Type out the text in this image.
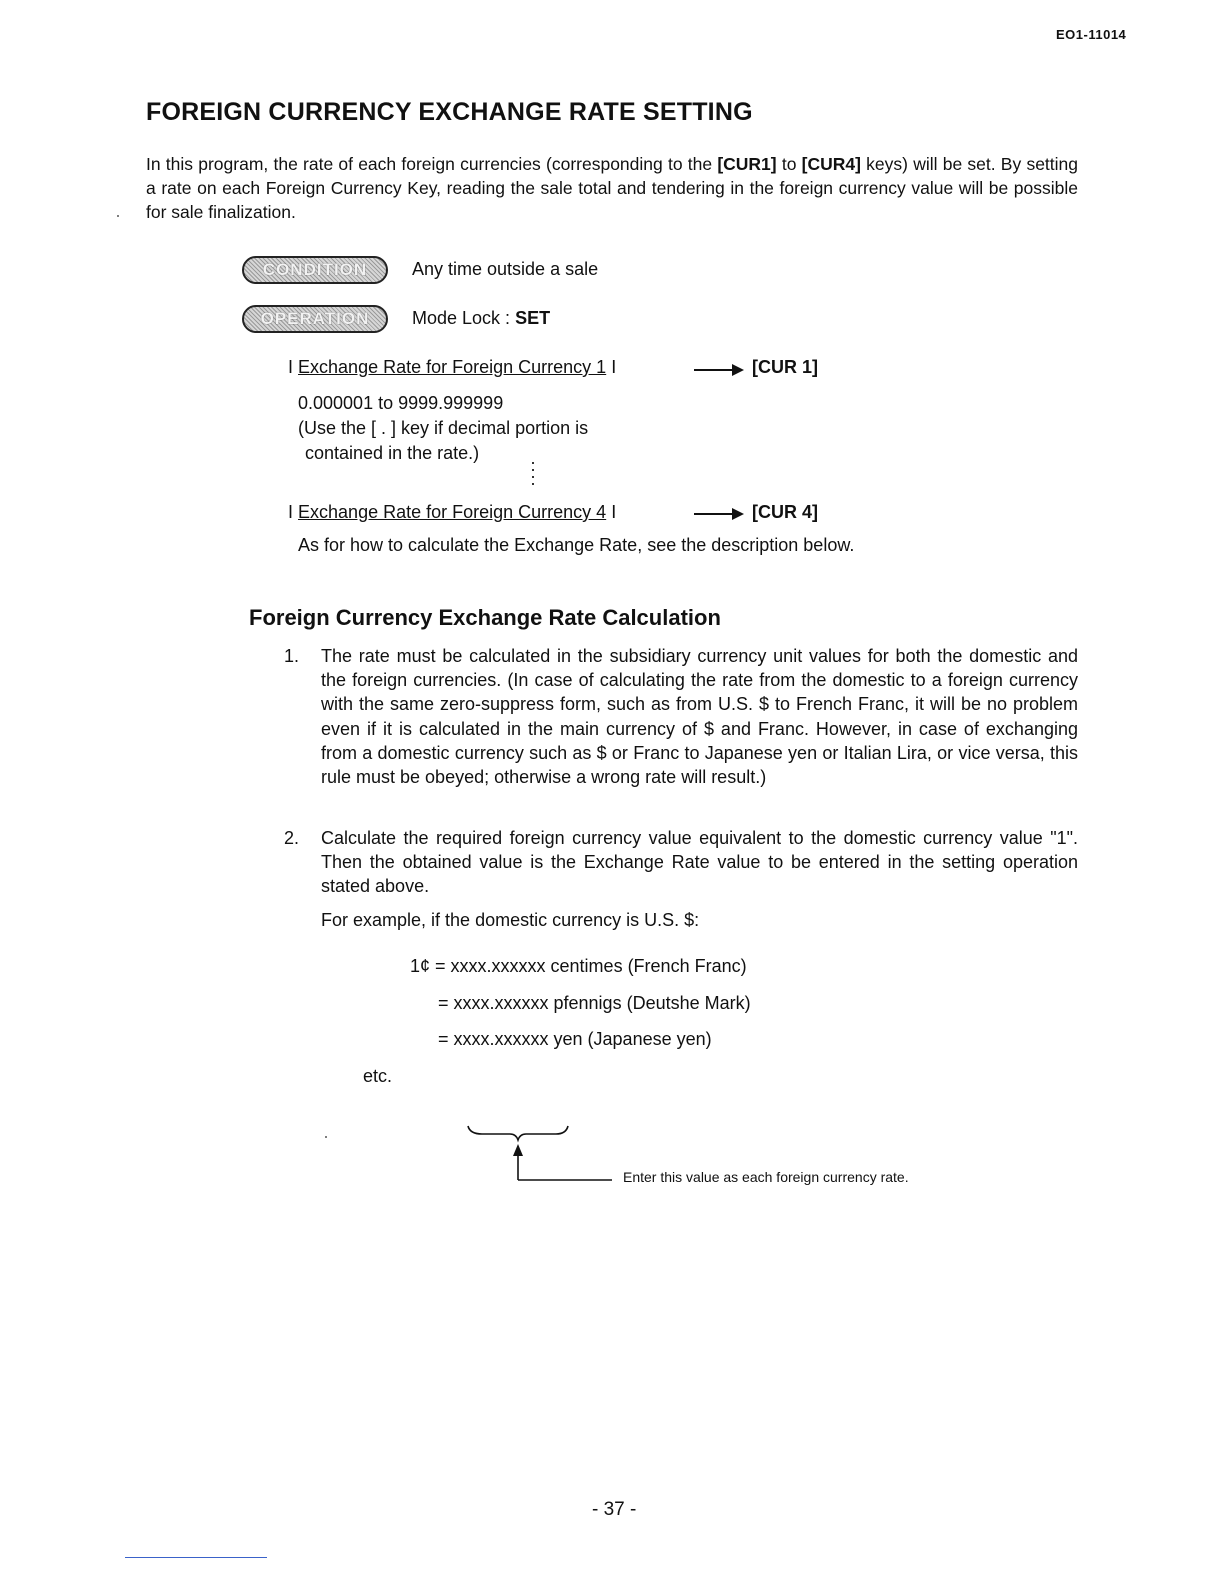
EO1-11014
FOREIGN CURRENCY EXCHANGE RATE SETTING
In this program, the rate of each foreign currencies (corresponding to the [CUR1] to [CUR4] keys) will be set. By setting a rate on each Foreign Currency Key, reading the sale total and tendering in the foreign currency value will be possible for sale finalization.
CONDITION	Any time outside a sale
OPERATION	Mode Lock : SET
I Exchange Rate for Foreign Currency 1 I	[CUR 1]
0.000001 to 9999.999999
(Use the [ . ] key if decimal portion is
contained in the rate.)
I Exchange Rate for Foreign Currency 4 I	[CUR 4]
As for how to calculate the Exchange Rate, see the description below.
Foreign Currency Exchange Rate Calculation
1. The rate must be calculated in the subsidiary currency unit values for both the domestic and the foreign currencies. (In case of calculating the rate from the domestic to a foreign currency with the same zero-suppress form, such as from U.S. $ to French Franc, it will be no problem even if it is calculated in the main currency of $ and Franc. However, in case of exchanging from a domestic currency such as $ or Franc to Japanese yen or Italian Lira, or vice versa, this rule must be obeyed; otherwise a wrong rate will result.)
2. Calculate the required foreign currency value equivalent to the domestic currency value "1". Then the obtained value is the Exchange Rate value to be entered in the setting operation stated above.
For example, if the domestic currency is U.S. $:
1¢ = xxxx.xxxxxx centimes (French Franc)
= xxxx.xxxxxx pfennigs (Deutshe Mark)
= xxxx.xxxxxx yen (Japanese yen)
etc.
Enter this value as each foreign currency rate.
- 37 -
